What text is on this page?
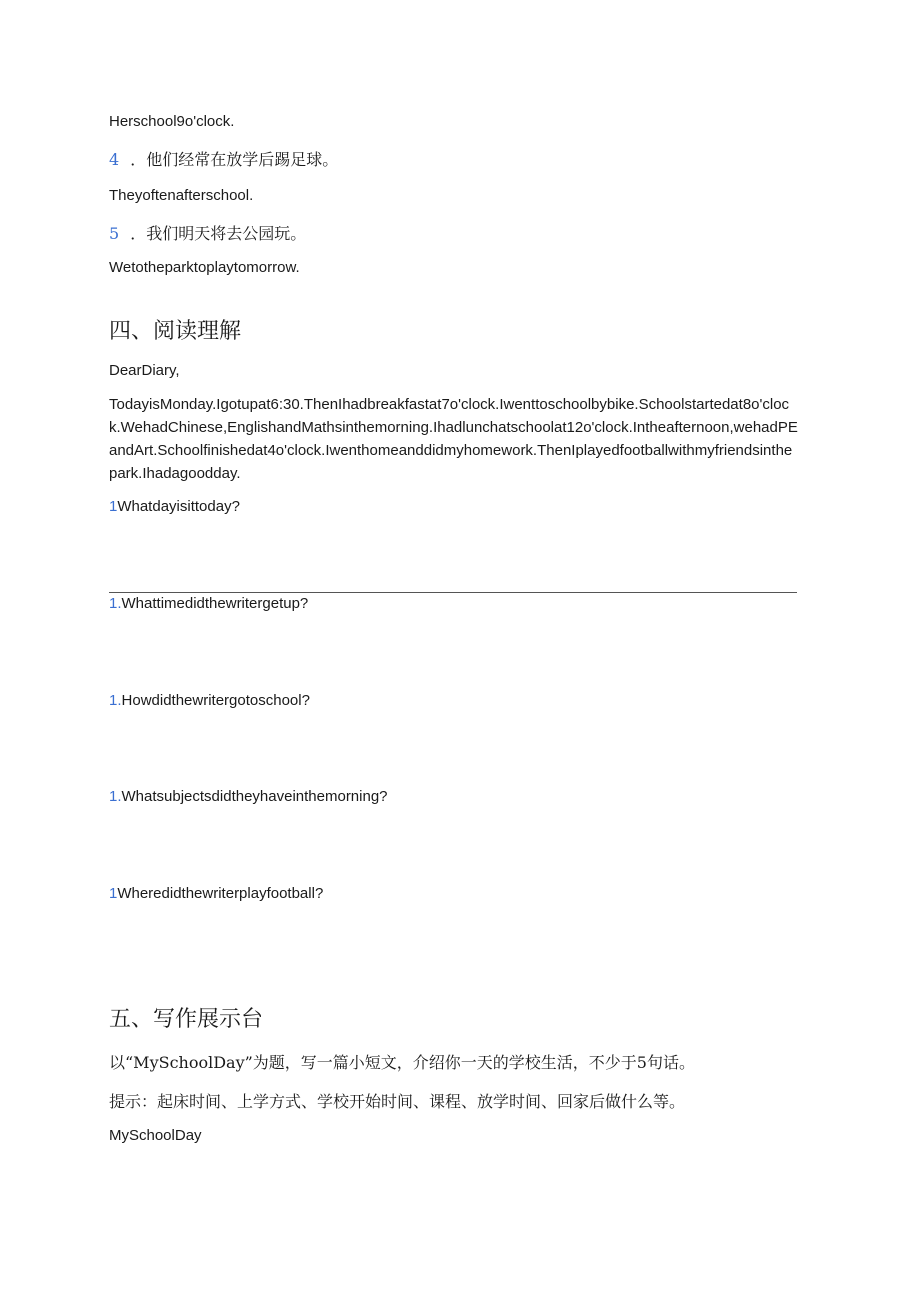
Herschool9o'clock.
4 ．他们经常在放学后踢足球。
Theyoftenafterschool.
5 ．我们明天将去公园玩。
Wetotheparktoplaytomorrow.
四、阅读理解
DearDiary,
TodayisMonday.Igotupat6:30.ThenIhadbreakfastat7o'clock.Iwenttoschoolbybike.Schoolstartedat8o'clock.WehadChinese,EnglishandMathsinthemorning.Ihadlunchatschoolat12o'clock.Intheafternoon,wehadPEandArt.Schoolfinishedat4o'clock.Iwenthomeanddidmyhomework.ThenIplayedfootballwithmyfriendsinthepark.Ihadagoodday.
1Whatdayisittoday?
1.Whattimedidthewritergetup?
1.Howdidthewritergotoschool?
1.Whatsubjectsdidtheyhaveinthemorning?
1Wheredidthewriterplayfootball?
五、写作展示台
以“MySchoolDay”为题，写一篇小短文，介绍你一天的学校生活，不少于5句话。
提示：起床时间、上学方式、学校开始时间、课程、放学时间、回家后做什么等。
MySchoolDay
